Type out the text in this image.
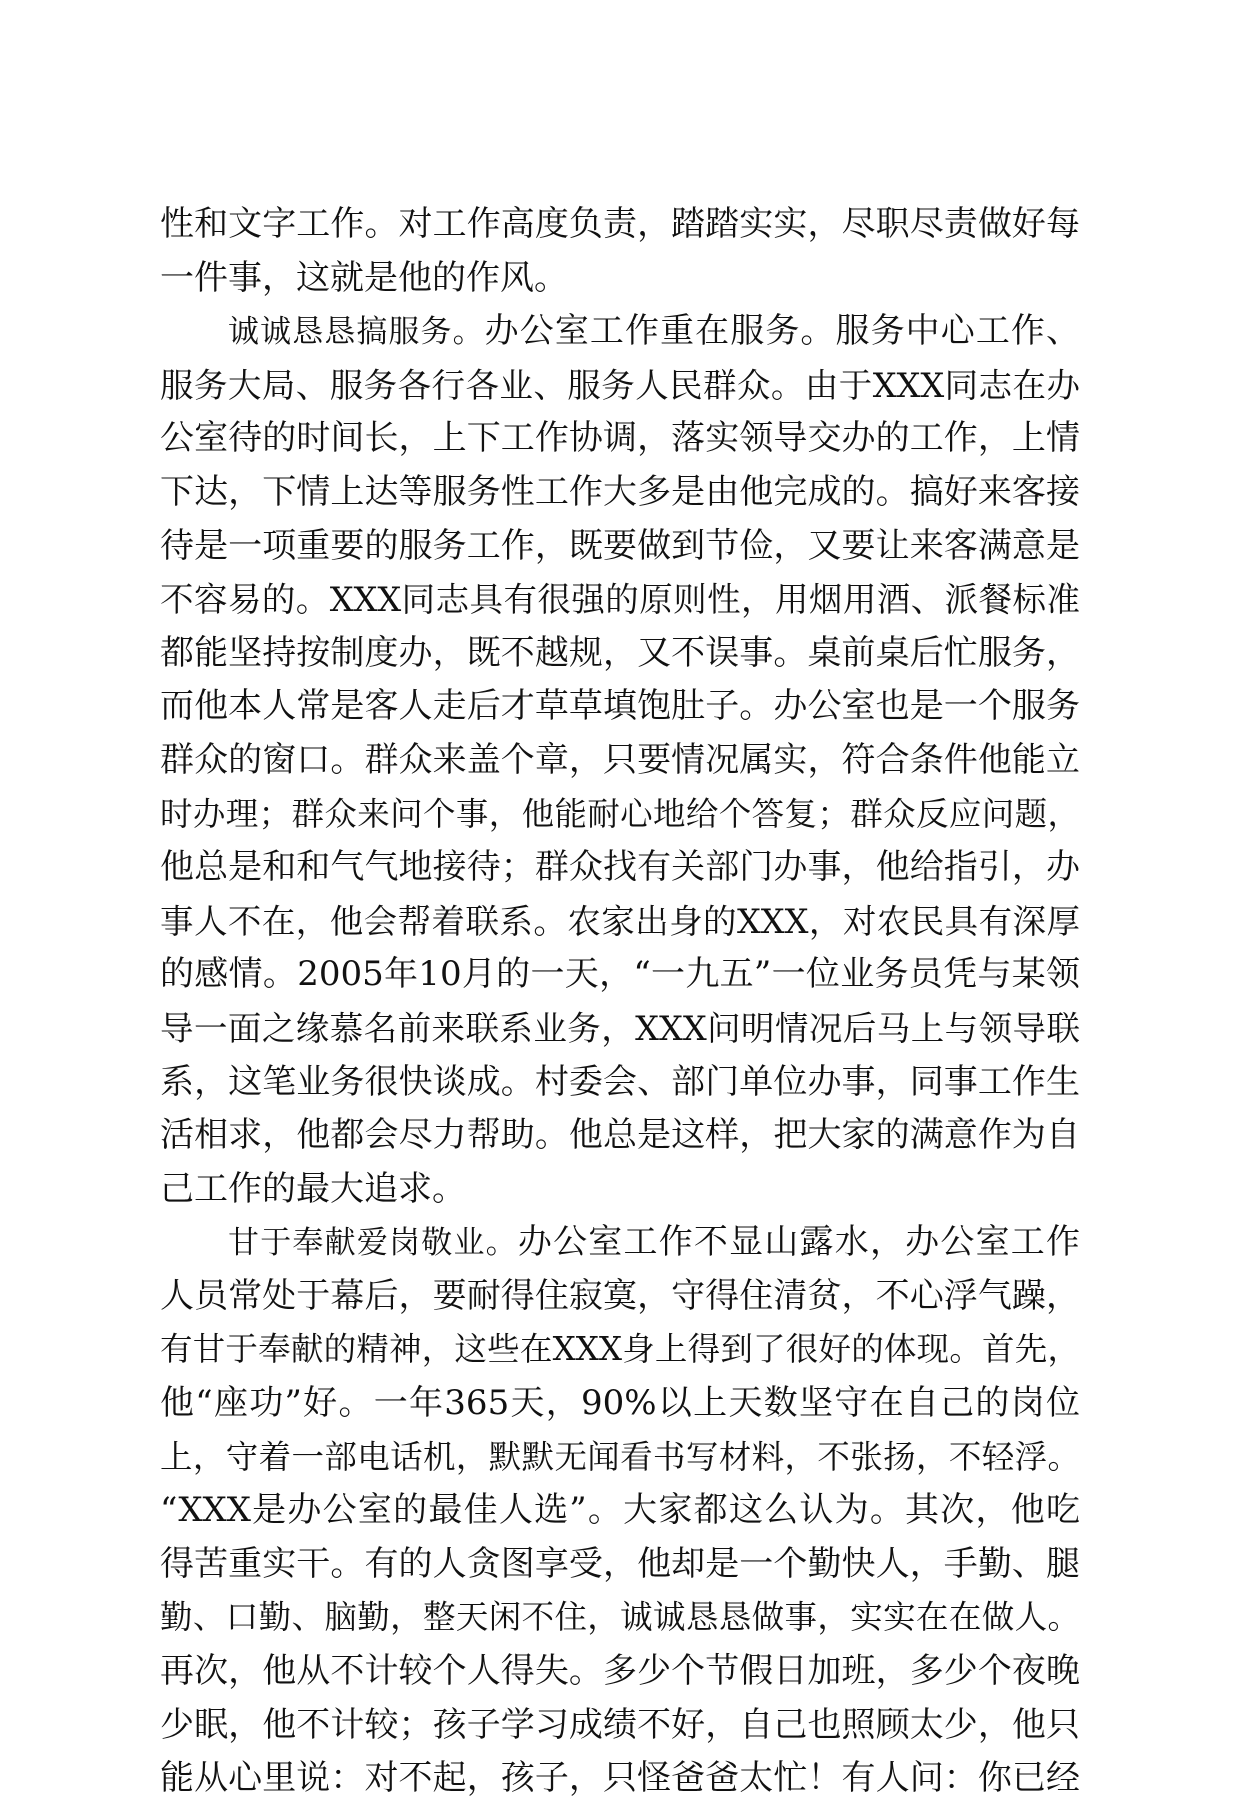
性和文字工作。对工作高度负责，踏踏实实，尽职尽责做好每
一件事，这就是他的作风。
诚诚恳恳搞服务。办公室工作重在服务。服务中心工作、
服务大局、服务各行各业、服务人民群众。由于XXX同志在办
公室待的时间长，上下工作协调，落实领导交办的工作，上情
下达，下情上达等服务性工作大多是由他完成的。搞好来客接
待是一项重要的服务工作，既要做到节俭，又要让来客满意是
不容易的。XXX同志具有很强的原则性，用烟用酒、派餐标准
都能坚持按制度办，既不越规，又不误事。桌前桌后忙服务，
而他本人常是客人走后才草草填饱肚子。办公室也是一个服务
群众的窗口。群众来盖个章，只要情况属实，符合条件他能立
时办理；群众来问个事，他能耐心地给个答复；群众反应问题，
他总是和和气气地接待；群众找有关部门办事，他给指引，办
事人不在，他会帮着联系。农家出身的XXX，对农民具有深厚
的感情。2005年10月的一天，“一九五”一位业务员凭与某领
导一面之缘慕名前来联系业务，XXX问明情况后马上与领导联
系，这笔业务很快谈成。村委会、部门单位办事，同事工作生
活相求，他都会尽力帮助。他总是这样，把大家的满意作为自
己工作的最大追求。
甘于奉献爱岗敬业。办公室工作不显山露水，办公室工作
人员常处于幕后，要耐得住寂寞，守得住清贫，不心浮气躁，
有甘于奉献的精神，这些在XXX身上得到了很好的体现。首先，
他“座功”好。一年365天，90%以上天数坚守在自己的岗位
上，守着一部电话机，默默无闻看书写材料，不张扬，不轻浮。
“XXX是办公室的最佳人选”。大家都这么认为。其次，他吃
得苦重实干。有的人贪图享受，他却是一个勤快人，手勤、腿
勤、口勤、脑勤，整天闲不住，诚诚恳恳做事，实实在在做人。
再次，他从不计较个人得失。多少个节假日加班，多少个夜晚
少眠，他不计较；孩子学习成绩不好，自己也照顾太少，他只
能从心里说：对不起，孩子，只怪爸爸太忙！有人问：你已经
